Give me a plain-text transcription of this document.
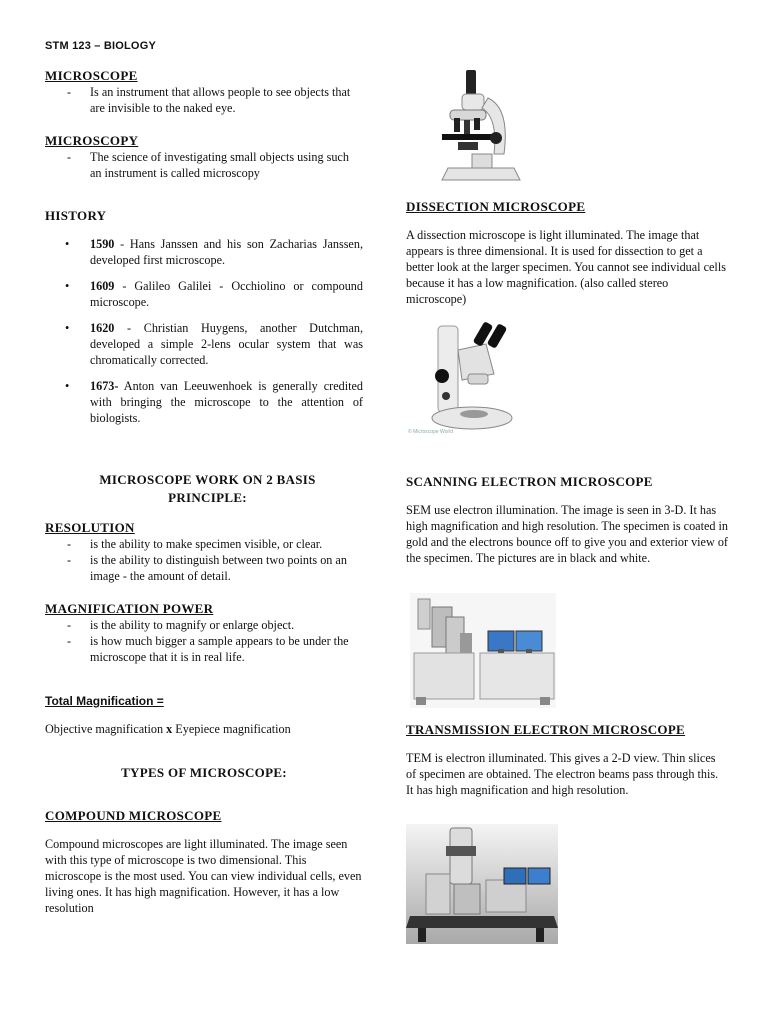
STM 123 – BIOLOGY
MICROSCOPE
- Is an instrument that allows people to see objects that are invisible to the naked eye.
MICROSCOPY
- The science of investigating small objects using such an instrument is called microscopy
HISTORY
• 1590 - Hans Janssen and his son Zacharias Janssen, developed first microscope.
• 1609 - Galileo Galilei - Occhiolino or compound microscope.
• 1620 - Christian Huygens, another Dutchman, developed a simple 2-lens ocular system that was chromatically corrected.
• 1673- Anton van Leeuwenhoek is generally credited with bringing the microscope to the attention of biologists.
MICROSCOPE WORK ON 2 BASIS PRINCIPLE:
RESOLUTION
- is the ability to make specimen visible, or clear.
- is the ability to distinguish between two points on an image - the amount of detail.
MAGNIFICATION POWER
- is the ability to magnify or enlarge object.
- is how much bigger a sample appears to be under the microscope that it is in real life.
Total Magnification =
Objective magnification x Eyepiece magnification
TYPES OF MICROSCOPE:
COMPOUND MICROSCOPE
Compound microscopes are light illuminated. The image seen with this type of microscope is two dimensional. This microscope is the most used. You can view individual cells, even living ones. It has high magnification. However, it has a low resolution
DISSECTION MICROSCOPE
A dissection microscope is light illuminated. The image that appears is three dimensional. It is used for dissection to get a better look at the larger specimen. You cannot see individual cells because it has a low magnification. (also called stereo microscope)
© Microscope World
SCANNING ELECTRON MICROSCOPE
SEM use electron illumination. The image is seen in 3-D. It has high magnification and high resolution. The specimen is coated in gold and the electrons bounce off to give you and exterior view of the specimen. The pictures are in black and white.
TRANSMISSION ELECTRON MICROSCOPE
TEM is electron illuminated. This gives a 2-D view. Thin slices of specimen are obtained. The electron beams pass through this. It has high magnification and high resolution.
